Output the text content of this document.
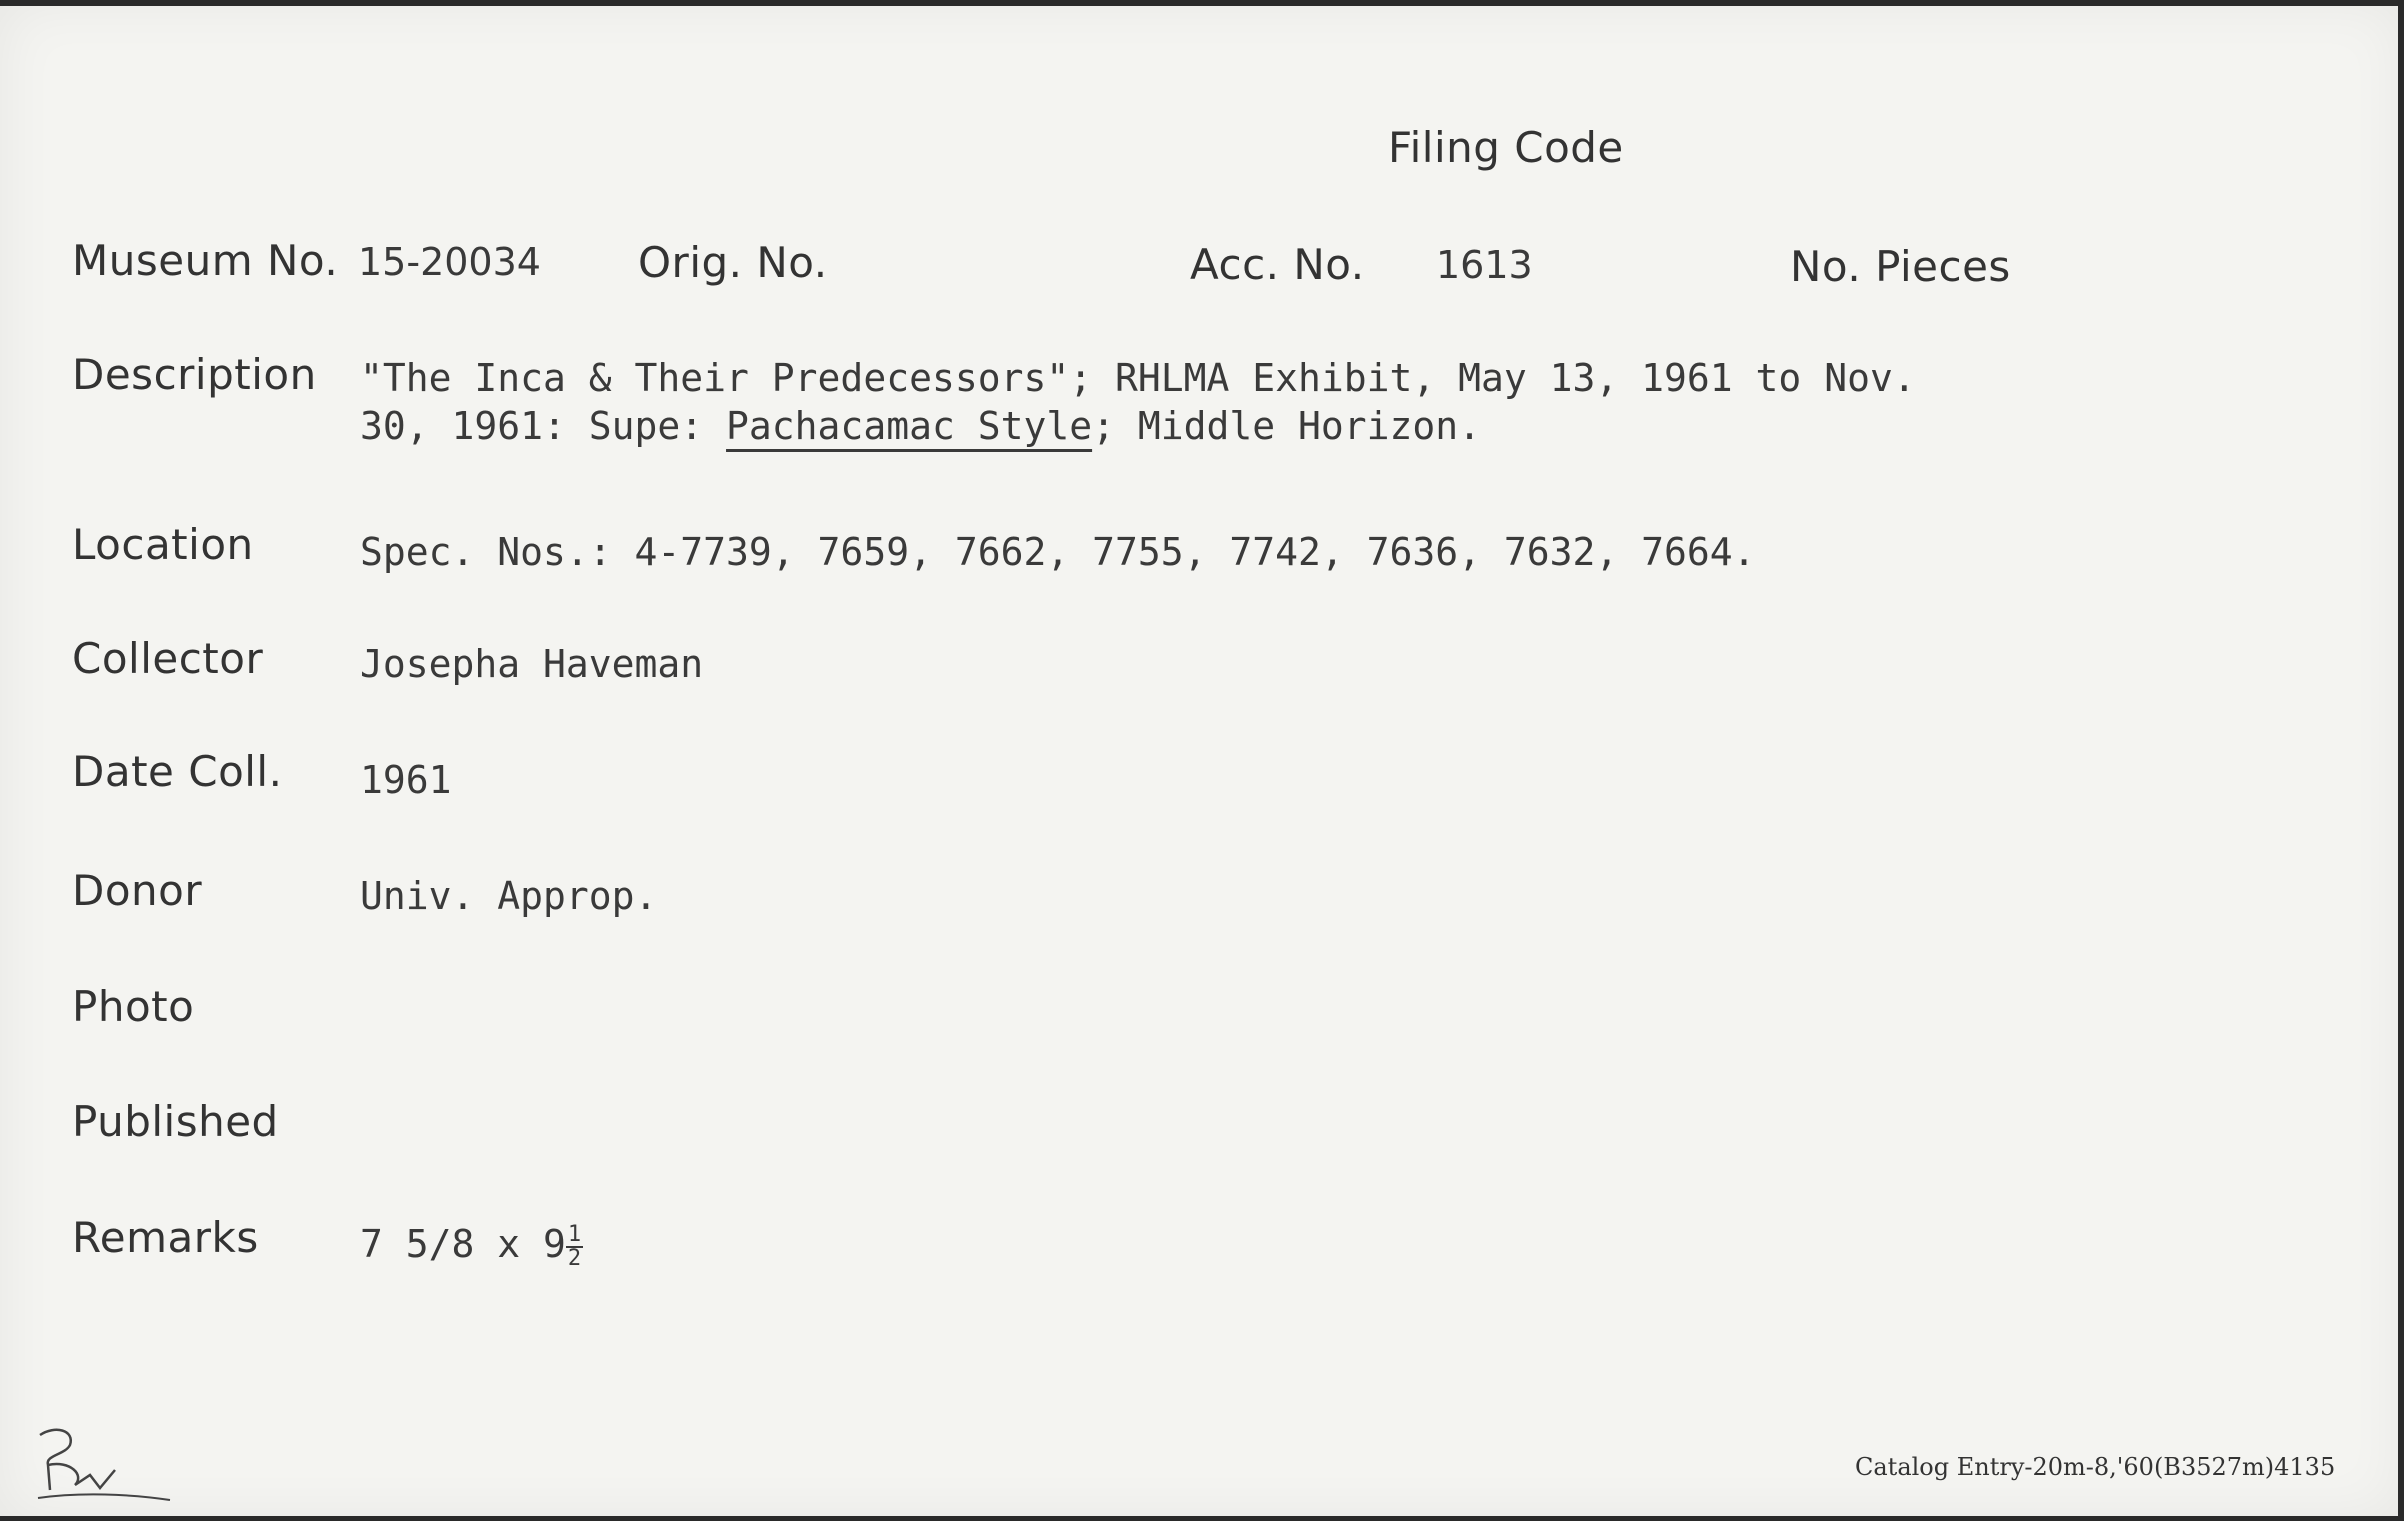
Filing Code
Museum No. 15-20034 Orig. No.	Acc. No. 1613	No. Pieces
Description "The Inca & Their Predecessors"; RHLMA Exhibit, May 13, 1961 to Nov.
30, 1961: Supe: Pachacamac Style; Middle Horizon.
Location	Spec. Nos.: 4-7739, 7659, 7662, 7755, 7742, 7636, 7632, 7664.
Collector	Josepha Haveman
Date Coll. 1961
Donor	Univ. Approp.
Photo
Published
Remarks	7 5/8 x $9 \frac{1}{2}$
Catalog Entry-20m-8,'60(B3527m)4135
